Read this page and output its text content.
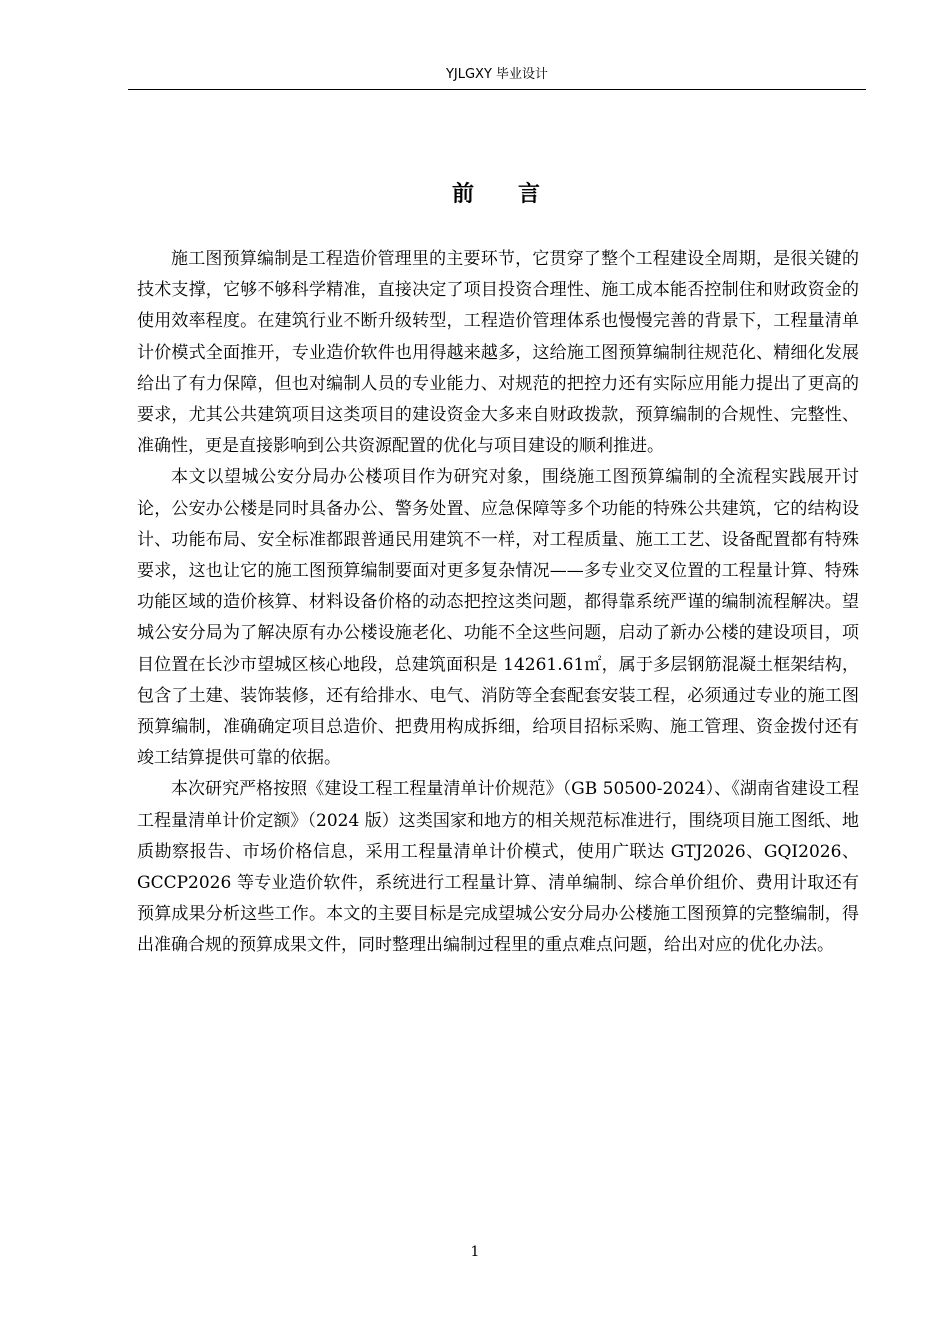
YJLGXY 毕业设计
前 言

施工图预算编制是工程造价管理里的主要环节，它贯穿了整个工程建设全周期，是很关键的技术支撑，它够不够科学精准，直接决定了项目投资合理性、施工成本能否控制住和财政资金的使用效率程度。在建筑行业不断升级转型，工程造价管理体系也慢慢完善的背景下，工程量清单计价模式全面推开，专业造价软件也用得越来越多，这给施工图预算编制往规范化、精细化发展给出了有力保障，但也对编制人员的专业能力、对规范的把控力还有实际应用能力提出了更高的要求，尤其公共建筑项目这类项目的建设资金大多来自财政拨款，预算编制的合规性、完整性、准确性，更是直接影响到公共资源配置的优化与项目建设的顺利推进。

本文以望城公安分局办公楼项目作为研究对象，围绕施工图预算编制的全流程实践展开讨论，公安办公楼是同时具备办公、警务处置、应急保障等多个功能的特殊公共建筑，它的结构设计、功能布局、安全标准都跟普通民用建筑不一样，对工程质量、施工工艺、设备配置都有特殊要求，这也让它的施工图预算编制要面对更多复杂情况——多专业交叉位置的工程量计算、特殊功能区域的造价核算、材料设备价格的动态把控这类问题，都得靠系统严谨的编制流程解决。望城公安分局为了解决原有办公楼设施老化、功能不全这些问题，启动了新办公楼的建设项目，项目位置在长沙市望城区核心地段，总建筑面积是 14261.61㎡，属于多层钢筋混凝土框架结构，包含了土建、装饰装修，还有给排水、电气、消防等全套配套安装工程，必须通过专业的施工图预算编制，准确确定项目总造价、把费用构成拆细，给项目招标采购、施工管理、资金拨付还有竣工结算提供可靠的依据。

本次研究严格按照《建设工程工程量清单计价规范》（GB 50500-2024）、《湖南省建设工程工程量清单计价定额》（2024 版）这类国家和地方的相关规范标准进行，围绕项目施工图纸、地质勘察报告、市场价格信息，采用工程量清单计价模式，使用广联达 GTJ2026、GQI2026、GCCP2026 等专业造价软件，系统进行工程量计算、清单编制、综合单价组价、费用计取还有预算成果分析这些工作。本文的主要目标是完成望城公安分局办公楼施工图预算的完整编制，得出准确合规的预算成果文件，同时整理出编制过程里的重点难点问题，给出对应的优化办法。

1
